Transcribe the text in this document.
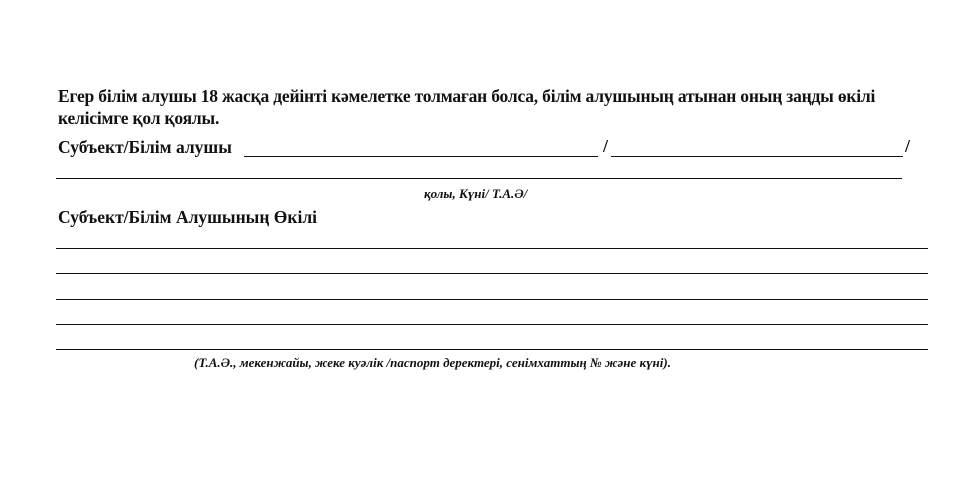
Егер білім алушы 18 жасқа дейінті кәмелетке толмаған болса, білім алушының атынан оның заңды өкілі келісімге қол қоялы.
Субъект/Білім алушы	/	/
қолы, Күні/ Т.А.Ә/
Субъект/Білім Алушының Өкілі
(Т.А.Ә., мекенжайы, жеке куәлік /паспорт деректері, сенімхаттың № және күні).
